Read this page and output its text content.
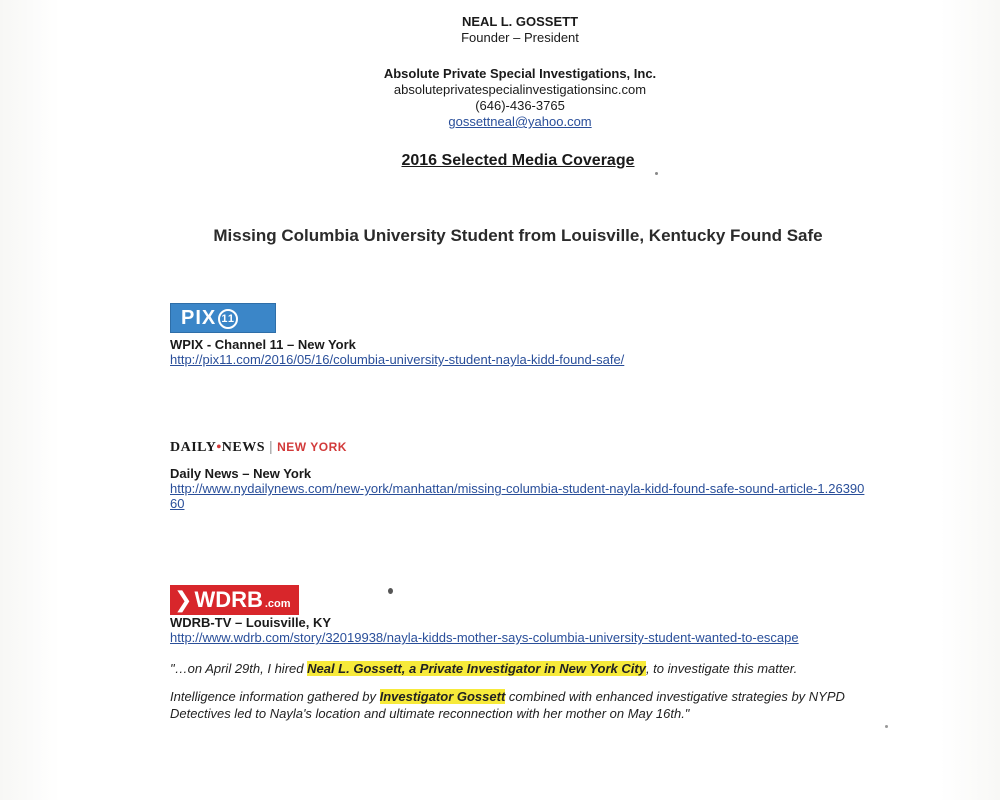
NEAL L. GOSSETT
Founder – President
Absolute Private Special Investigations, Inc.
absoluteprivatespecialinvestigationsinc.com
(646)-436-3765
gossettneal@yahoo.com
2016 Selected Media Coverage
Missing Columbia University Student from Louisville, Kentucky Found Safe
PIX 11
WPIX - Channel 11 – New York
http://pix11.com/2016/05/16/columbia-university-student-nayla-kidd-found-safe/
DAILY•NEWS | NEW YORK
Daily News – New York
http://www.nydailynews.com/new-york/manhattan/missing-columbia-student-nayla-kidd-found-safe-sound-article-1.2639060
❯ WDRB .com
WDRB-TV – Louisville, KY
http://www.wdrb.com/story/32019938/nayla-kidds-mother-says-columbia-university-student-wanted-to-escape
"…on April 29th, I hired Neal L. Gossett, a Private Investigator in New York City, to investigate this matter.
Intelligence information gathered by Investigator Gossett combined with enhanced investigative strategies by NYPD Detectives led to Nayla's location and ultimate reconnection with her mother on May 16th."
